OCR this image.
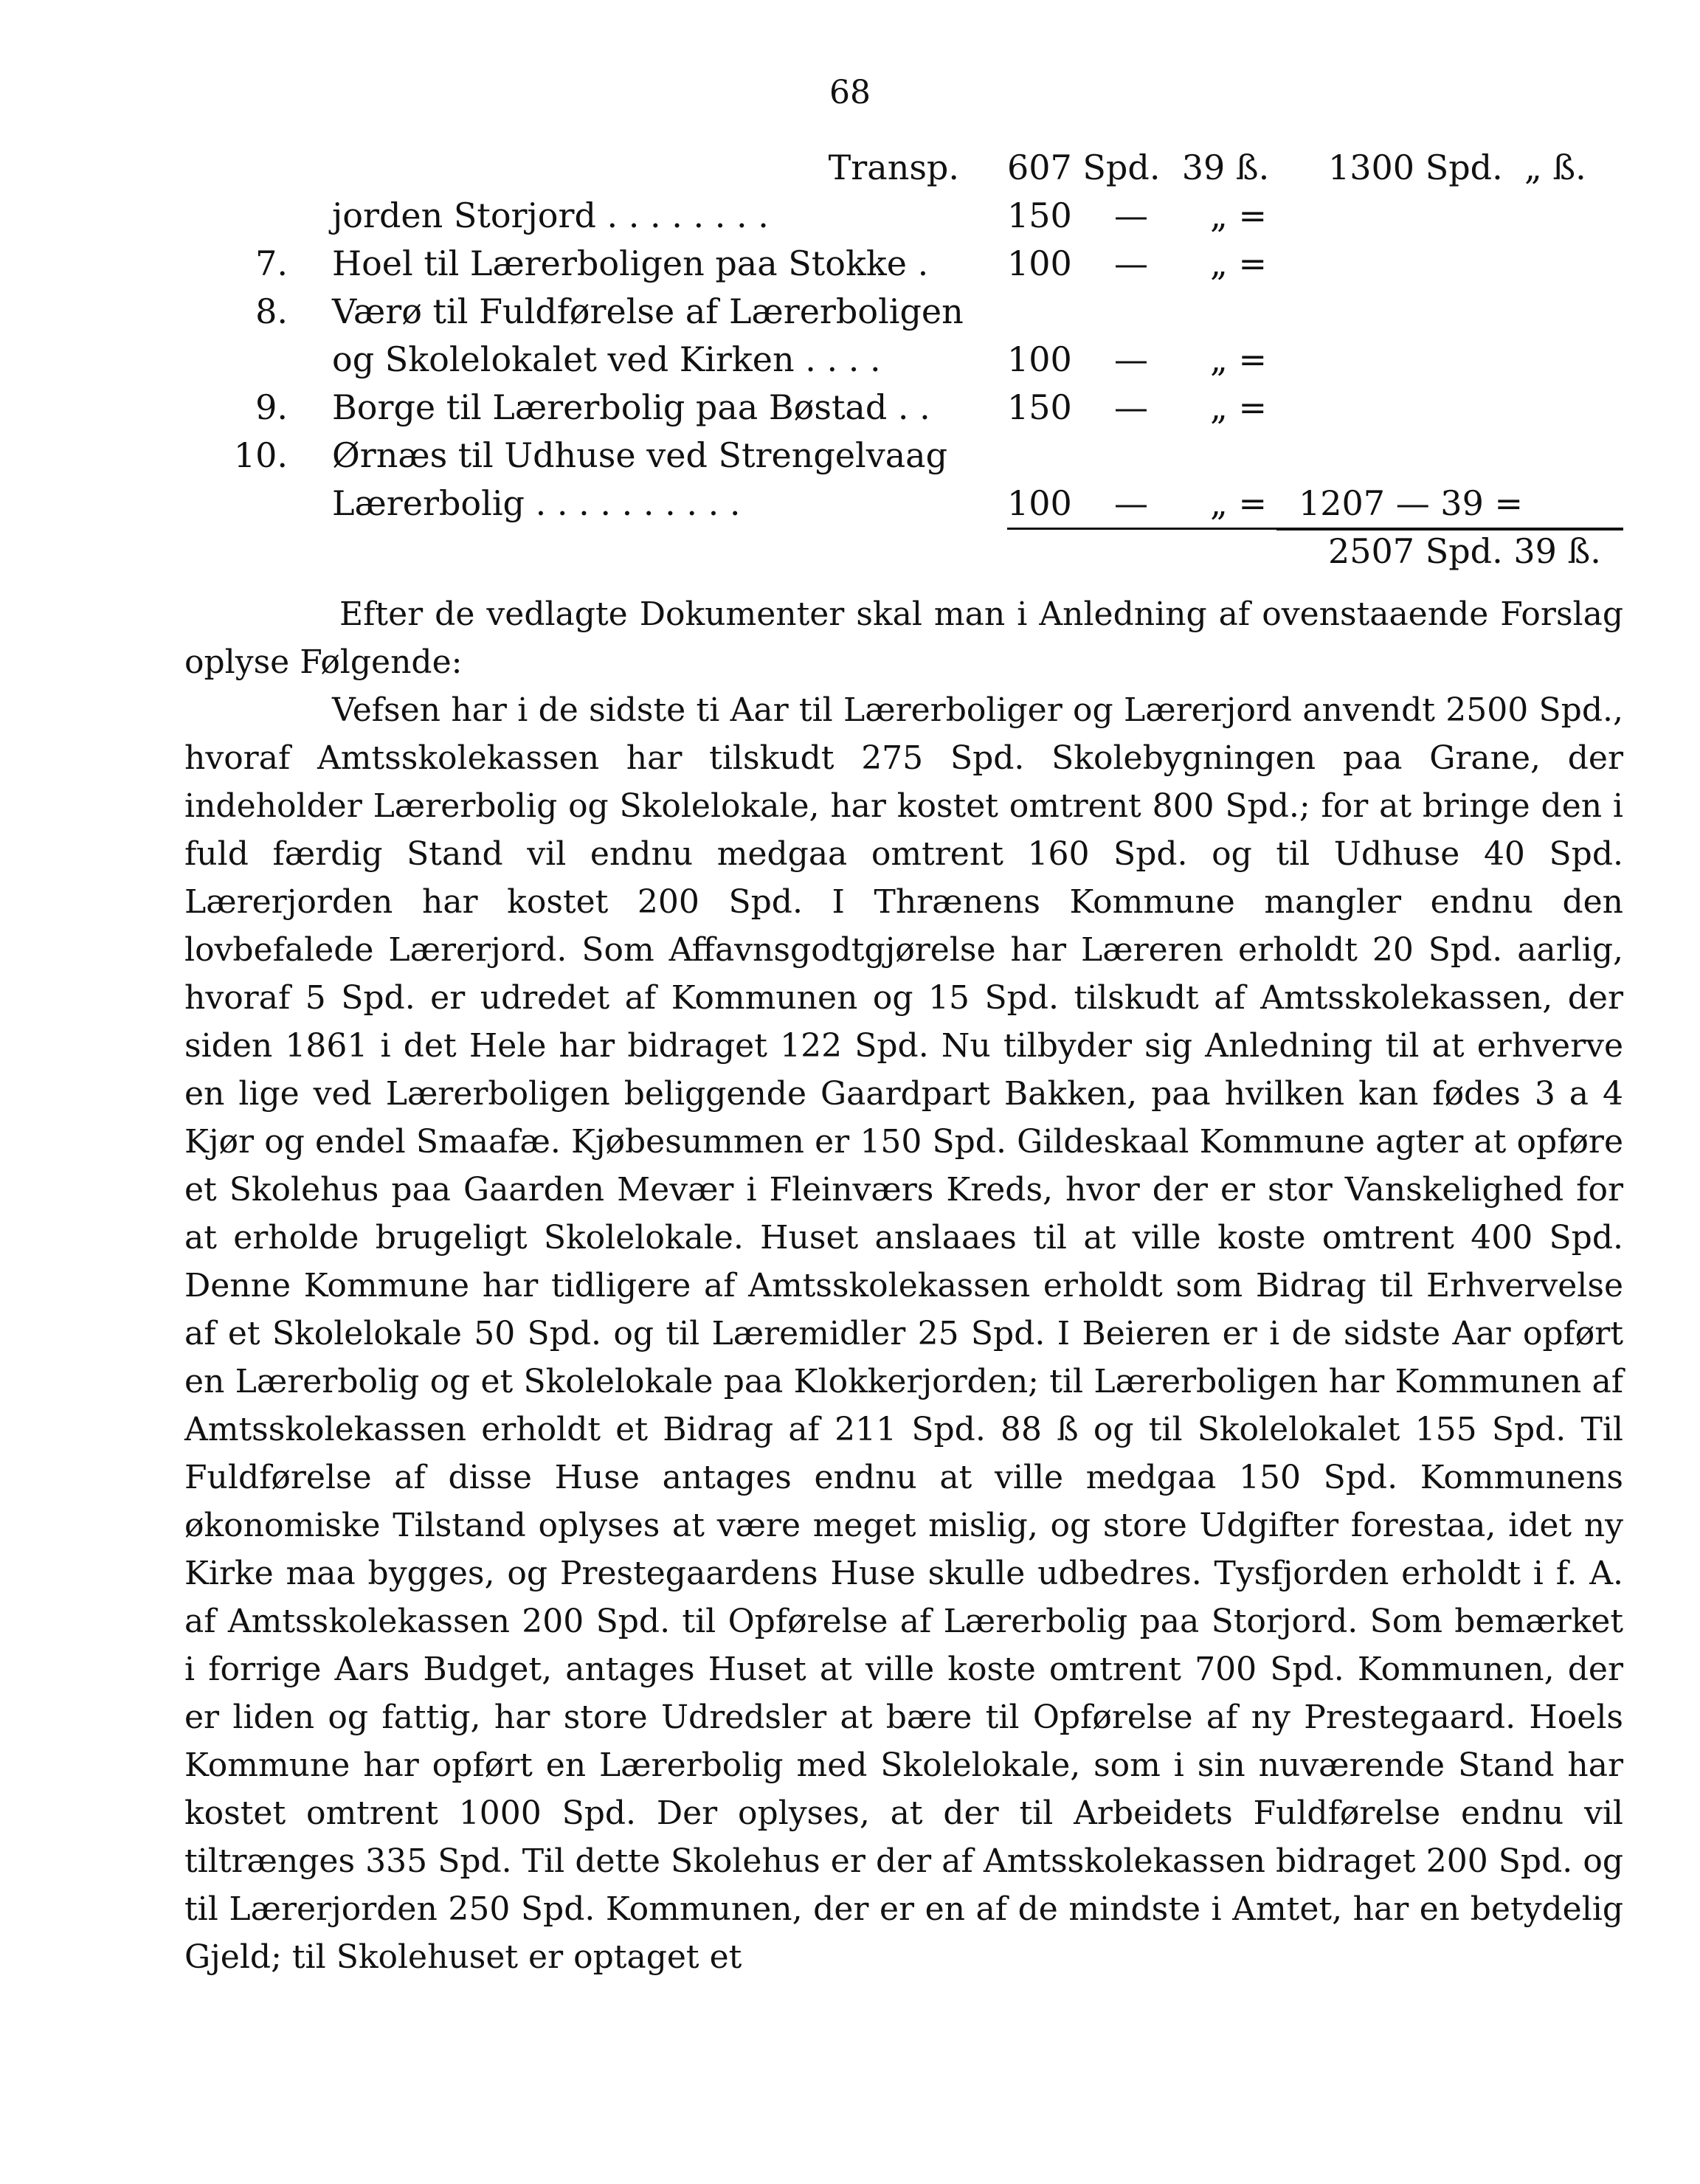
68
Transp. 607 Spd. 39 ß. 1300 Spd. „ ß.
jorden Storjord . . . . . . . .	150 — „ =
7. Hoel til Lærerboligen paa Stokke . 100 — „ =
8. Værø til Fuldførelse af Lærerboligen
og Skolelokalet ved Kirken . . . .	100 — „ =
9. Borge til Lærerbolig paa Bøstad . . 150 — „ =
10. Ørnæs til Udhuse ved Strengelvaag
Lærerbolig . . . . . . . . . .	100 — „ = 1207 — 39 =
2507 Spd. 39 ß.

Efter de vedlagte Dokumenter skal man i Anledning af ovenstaaende Forslag oplyse Følgende:

Vefsen har i de sidste ti Aar til Lærerboliger og Lærerjord anvendt 2500 Spd., hvoraf Amtsskolekassen har tilskudt 275 Spd. Skolebygningen paa Grane, der indeholder Lærerbolig og Skolelokale, har kostet omtrent 800 Spd.; for at bringe den i fuld færdig Stand vil endnu medgaa omtrent 160 Spd. og til Udhuse 40 Spd. Lærerjorden har kostet 200 Spd. I Thrænens Kommune mangler endnu den lovbefalede Lærerjord. Som Affavnsgodtgjørelse har Læreren erholdt 20 Spd. aarlig, hvoraf 5 Spd. er udredet af Kommunen og 15 Spd. tilskudt af Amtsskolekassen, der siden 1861 i det Hele har bidraget 122 Spd. Nu tilbyder sig Anledning til at erhverve en lige ved Lærerboligen beliggende Gaardpart Bakken, paa hvilken kan fødes 3 a 4 Kjør og endel Smaafæ. Kjøbesummen er 150 Spd. Gildeskaal Kommune agter at opføre et Skolehus paa Gaarden Mevær i Fleinværs Kreds, hvor der er stor Vanskelighed for at erholde brugeligt Skolelokale. Huset anslaaes til at ville koste omtrent 400 Spd. Denne Kommune har tidligere af Amtsskolekassen erholdt som Bidrag til Erhvervelse af et Skolelokale 50 Spd. og til Læremidler 25 Spd. I Beieren er i de sidste Aar opført en Lærerbolig og et Skolelokale paa Klokkerjorden; til Lærerboligen har Kommunen af Amtsskolekassen erholdt et Bidrag af 211 Spd. 88 ß og til Skolelokalet 155 Spd. Til Fuldførelse af disse Huse antages endnu at ville medgaa 150 Spd. Kommunens økonomiske Tilstand oplyses at være meget mislig, og store Udgifter forestaa, idet ny Kirke maa bygges, og Prestegaardens Huse skulle udbedres. Tysfjorden erholdt i f. A. af Amtsskolekassen 200 Spd. til Opførelse af Lærerbolig paa Storjord. Som bemærket i forrige Aars Budget, antages Huset at ville koste omtrent 700 Spd. Kommunen, der er liden og fattig, har store Udredsler at bære til Opførelse af ny Prestegaard. Hoels Kommune har opført en Lærerbolig med Skolelokale, som i sin nuværende Stand har kostet omtrent 1000 Spd. Der oplyses, at der til Arbeidets Fuldførelse endnu vil tiltrænges 335 Spd. Til dette Skolehus er der af Amtsskolekassen bidraget 200 Spd. og til Lærerjorden 250 Spd. Kommunen, der er en af de mindste i Amtet, har en betydelig Gjeld; til Skolehuset er optaget et
